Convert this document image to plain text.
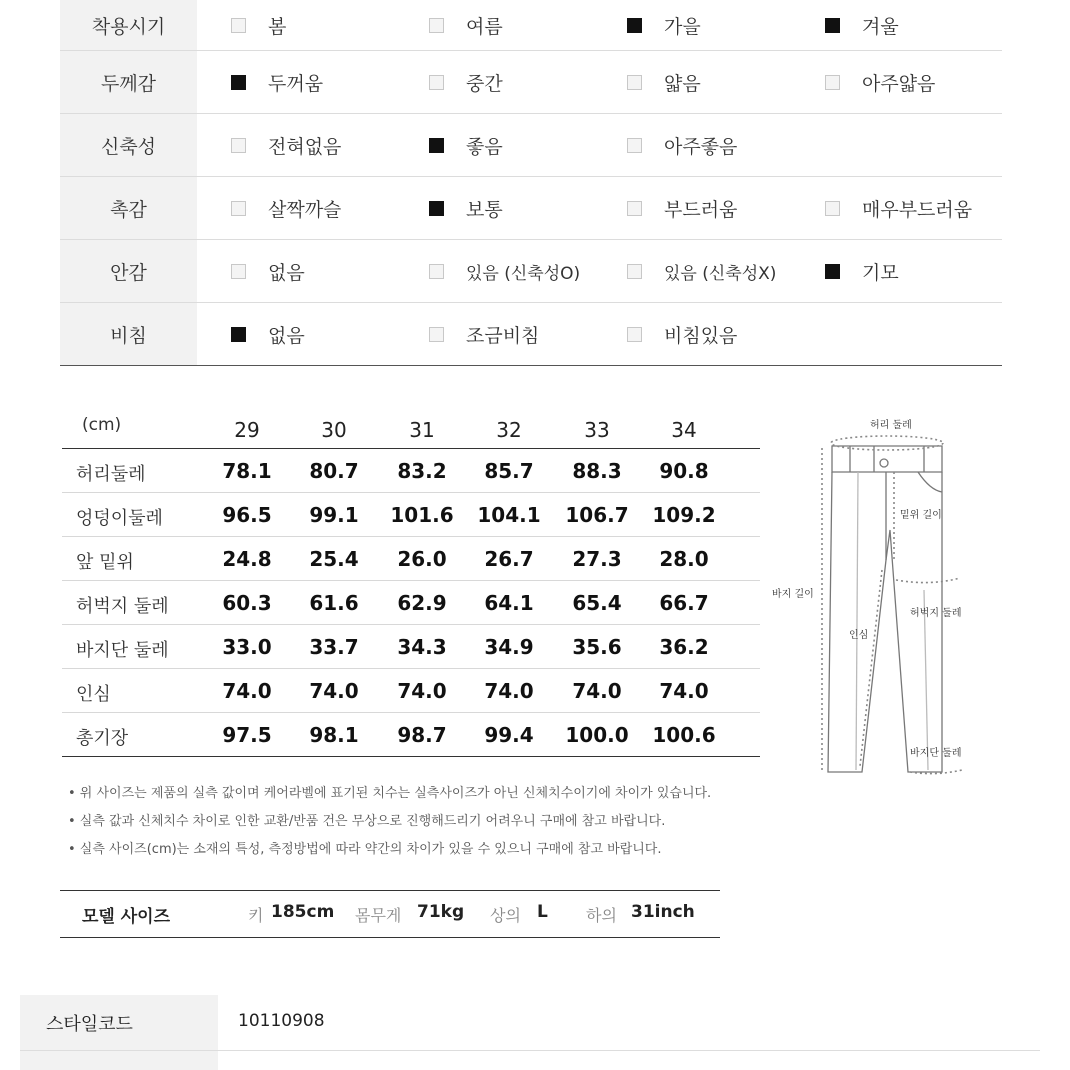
착용시기	봄	여름	가을	겨울
두께감	두꺼움	중간	얇음	아주얇음
신축성	전혀없음	좋음	아주좋음
촉감	살짝까슬	보통	부드러움	매우부드러움
안감	없음	있음 (신축성O)	있음 (신축성X)	기모
비침	없음	조금비침	비침있음
(cm)	29	30	31	32	33	34
허리둘레	78.1	80.7	83.2	85.7	88.3	90.8
엉덩이둘레	96.5	99.1	101.6	104.1	106.7	109.2
앞 밑위	24.8	25.4	26.0	26.7	27.3	28.0
허벅지 둘레	60.3	61.6	62.9	64.1	65.4	66.7
바지단 둘레	33.0	33.7	34.3	34.9	35.6	36.2
인심	74.0	74.0	74.0	74.0	74.0	74.0
총기장	97.5	98.1	98.7	99.4	100.0	100.6
허리 둘레
밑위 길이
바지 길이
허벅지 둘레
인심
바지단 둘레
• 위 사이즈는 제품의 실측 값이며 케어라벨에 표기된 치수는 실측사이즈가 아닌 신체치수이기에 차이가 있습니다.
• 실측 값과 신체치수 차이로 인한 교환/반품 건은 무상으로 진행해드리기 어려우니 구매에 참고 바랍니다.
• 실측 사이즈(cm)는 소재의 특성, 측정방법에 따라 약간의 차이가 있을 수 있으니 구매에 참고 바랍니다.
모델 사이즈	키 185cm 몸무게 71kg 상의 L 하의 31inch
스타일코드	10110908
